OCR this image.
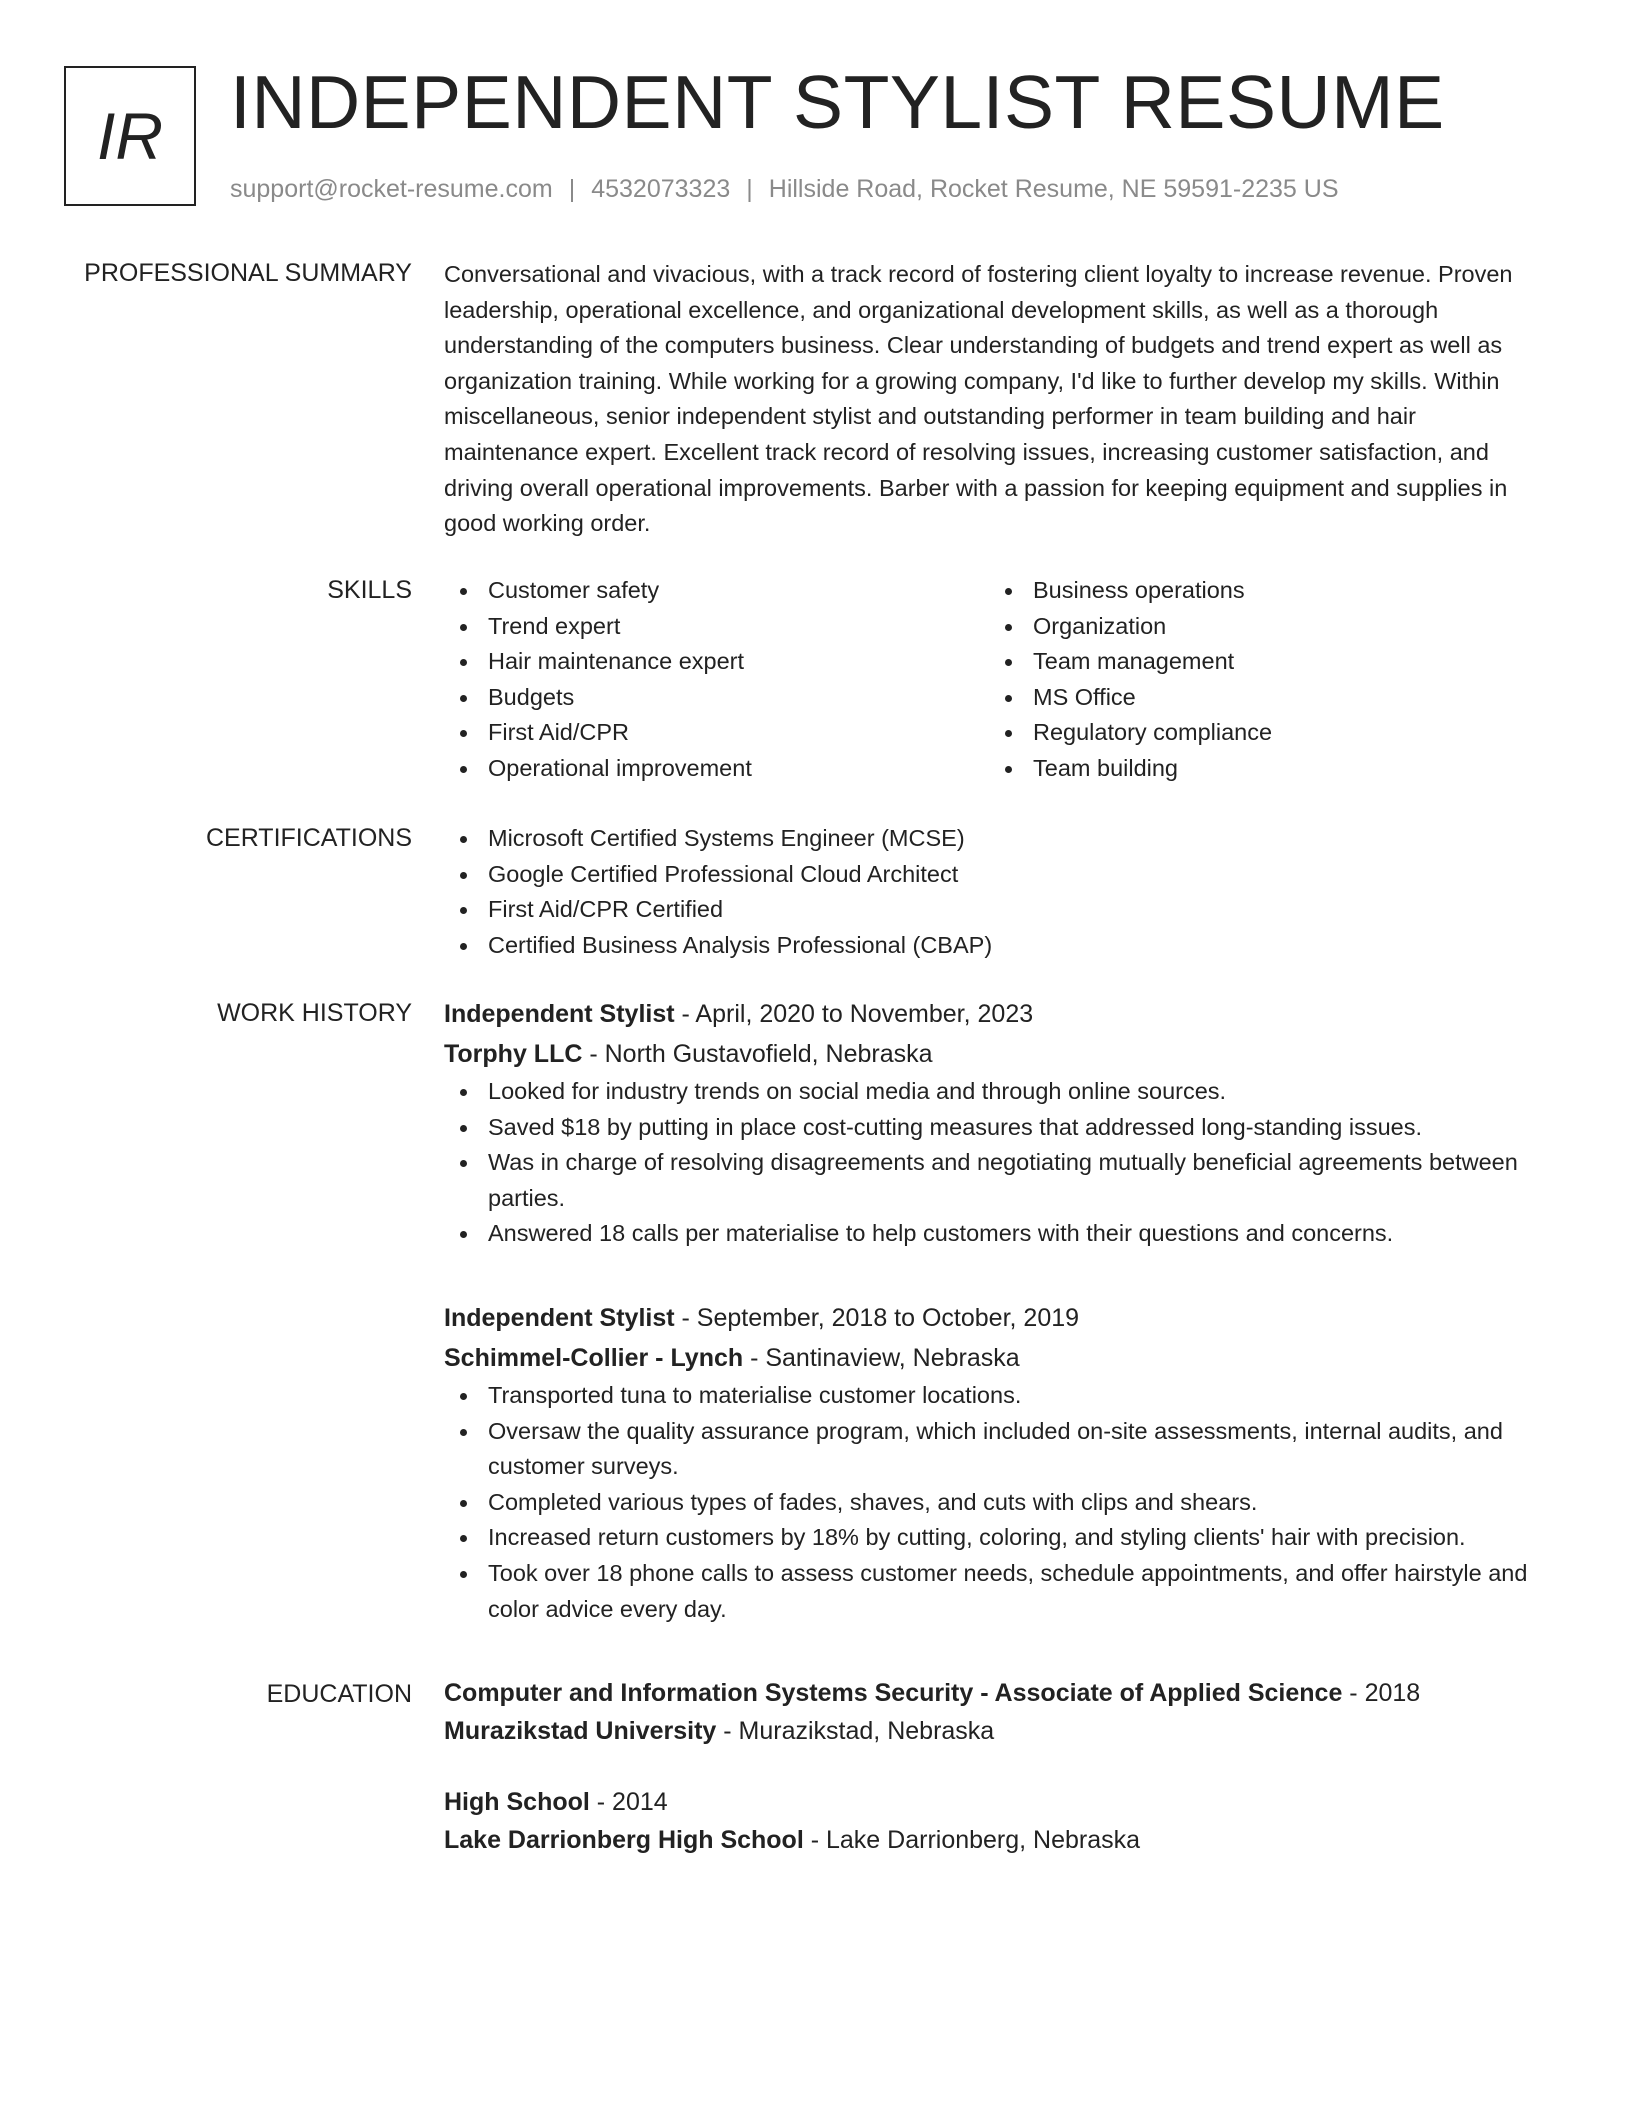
IR INDEPENDENT STYLIST RESUME
support@rocket-resume.com | 4532073323 | Hillside Road, Rocket Resume, NE 59591-2235 US
PROFESSIONAL SUMMARY Conversational and vivacious, with a track record of fostering client loyalty to increase revenue. Proven leadership, operational excellence, and organizational development skills, as well as a thorough understanding of the computers business. Clear understanding of budgets and trend expert as well as organization training. While working for a growing company, I'd like to further develop my skills. Within miscellaneous, senior independent stylist and outstanding performer in team building and hair maintenance expert. Excellent track record of resolving issues, increasing customer satisfaction, and driving overall operational improvements. Barber with a passion for keeping equipment and supplies in good working order.
SKILLS	Customer safety
Trend expert
Hair maintenance expert
Budgets
First Aid/CPR
Operational improvement
Business operations
Organization
Team management
MS Office
Regulatory compliance
Team building
CERTIFICATIONS	Microsoft Certified Systems Engineer (MCSE)
Google Certified Professional Cloud Architect
First Aid/CPR Certified
Certified Business Analysis Professional (CBAP)
WORK HISTORY Independent Stylist - April, 2020 to November, 2023
Torphy LLC - North Gustavofield, Nebraska
Looked for industry trends on social media and through online sources.
Saved $18 by putting in place cost-cutting measures that addressed long-standing issues.
Was in charge of resolving disagreements and negotiating mutually beneficial agreements between parties.
Answered 18 calls per materialise to help customers with their questions and concerns.
Independent Stylist - September, 2018 to October, 2019
Schimmel-Collier - Lynch - Santinaview, Nebraska
Transported tuna to materialise customer locations.
Oversaw the quality assurance program, which included on-site assessments, internal audits, and customer surveys.
Completed various types of fades, shaves, and cuts with clips and shears.
Increased return customers by 18% by cutting, coloring, and styling clients' hair with precision.
Took over 18 phone calls to assess customer needs, schedule appointments, and offer hairstyle and color advice every day.
EDUCATION Computer and Information Systems Security - Associate of Applied Science - 2018
Murazikstad University - Murazikstad, Nebraska
High School - 2014
Lake Darrionberg High School - Lake Darrionberg, Nebraska
